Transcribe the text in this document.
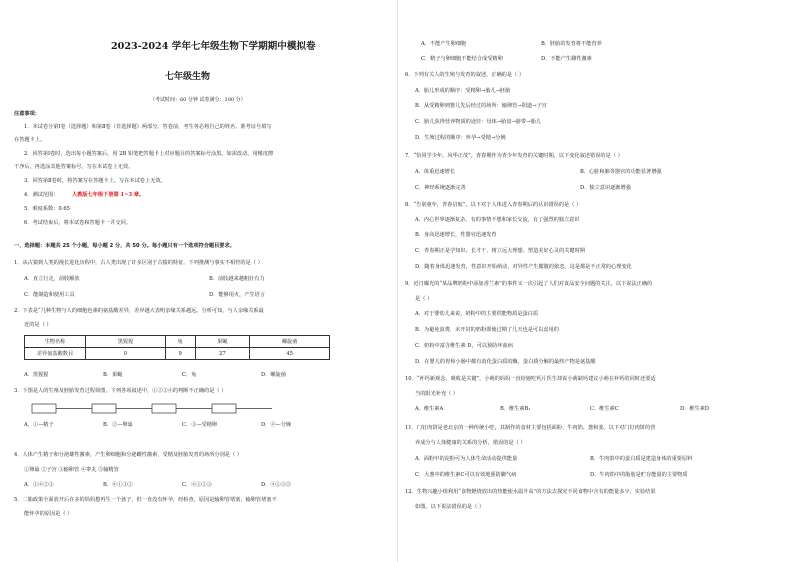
2023-2024 学年七年级生物下学期期中模拟卷
七年级生物
（考试时间：60 分钟 试卷满分：100 分）
注意事项：
1．本试卷分第Ⅰ卷（选择题）和第Ⅱ卷（非选择题）两部分。答卷前，考生务必将自己的姓名、准考证号填写
在答题卡上。
2．回答第Ⅰ卷时，选出每小题答案后，用 2B 铅笔把答题卡上对应题目的答案标号涂黑。如需改动，用橡皮擦
干净后，再选涂其他答案标号。写在本试卷上无效。
3．回答第Ⅱ卷时，将答案写在答题卡上。写在本试卷上无效。
4．测试范围：	人教版七年级下册第 1~3 章。
5．难度系数：0.65
6．考试结束后，将本试卷和答题卡一并交回。
一、选择题：本题共 25 个小题，每小题 2 分，共 50 分。每小题只有一个选项符合题目要求。
1．从古猿到人类的漫长进化历程中，古人类出现了许多区别于古猿的特征。下列推测与事实不相符的是（ ）
A．直立行走，前肢解放	B．前肢越来越粗壮有力
C．能制造和使用工具	D．能够用火，产生语言
2．下表是“几种生物与人的细胞色素的氨基酸差异，差异越大表明亲缘关系越远。分析可知，与人亲缘关系最
近的是（ ）
生物名称	黑猩猩	兔	果蝇	螺旋菌
差异氨基酸数目	0	9	27	45
A．黑猩猩	B．果蝇	C．兔	D．螺旋菌
3．下图是人的生殖及胚胎发育过程简图，下列各项叙述中，①②③④的判断不正确的是（ ）
A．①—精子	B．②—卵巢	C．③—受精卵	D．④—分娩
4．人体产生精子和分泌雄性激素，产生卵细胞和分泌雌性激素，受精及胚胎发育的场所分别是（ ）
①卵巢 ②子宫 ③输卵管 ④睾丸 ⑤输精管
A．①④②③	B．④①③②	C．④①②③	D．④①③⑤
5．二胎政策全面放开后许多的妈妈想再生一个孩子，但一直没有怀孕，经检查，原因是输卵管堵塞，输卵管堵塞不
能怀孕的原因是（ ）
A．不能产生卵细胞	B．胚胎的发育将不能营养
C．精子与卵细胞不能结合成受精卵	D．不能产生雌性激素
6．下列有关人的生殖与发育的叙述，正确的是（ ）
A．胎儿形成的顺序：受精卵→胎儿→胚胎
B．从受精卵到婴儿先后经过的场所：输卵管→阴道→子宫
C．胎儿获得营养物质的途径：母体→胎盘→脐带→胎儿
D．生殖过程的顺序：怀孕→受精→分娩
7．“恰同学少年，风华正茂”。青春期作为青少年发育的关键时期，以下变化叙述错误的是（ ）
A．体重迅速增长	B．心脏和肺等器官的功能显著增强
C．神经系统逐渐完善	D．独立意识逐渐增强
8．“告别童年，青春启航”。以下对于人体进入青春期后的认识错误的是（ ）
A．内心世界逐渐复杂，有的事情不想和家长交流，有了强烈的独立意识
B．身高迅速增长，性器官迅速发育
C．青春期正是学知识、长才干、树立远大理想、塑造美好心灵的关键时期
D．随着身体迅速发育，性意识开始萌动，对异性产生朦胧的依恋，这是都是不正常的心理变化
9．近日曝光的“某品牌奶粉中添加香兰素”的事件又一次引起了人们对食品安全问题的关注，以下说法正确的
是（ ）
A．对于婴幼儿来说，奶粉中的主要供能物质是蛋白质
B．为避免浪费，未开封的奶粉即使过期了几天也是可以食用的
C．奶粉中富含维生素 D，可以预防坏血病
D．在婴儿的胃和小肠中都有消化蛋白质的酶，蛋白质分解的最终产物是氨基酸
10．“补钙新观念，吸收是关键”。小萌的妈妈一直给她吃钙片医生却说小萌缺钙建议小萌在补钙的同时还要适
当的阳光补充（ ）
A．维生素A	B．维生素B₁	C．维生素C	D．维生素D
11．门钉肉饼是老北京的一种传统小吃，其制作的食材主要包括面粉、牛肉馅、葱和姜。以下对门钉肉饼的营
养成分与人体健康的关系的分析，错误的是（ ）
A．面粉中的淀粉可为人体生命活动提供能量	B．牛肉馅中的蛋白质是建造身体的重要原料
C．大葱中的维生素C可以有效地预防脚气病	D．牛肉馅中的脂肪是贮存能量的主要物质
12．生物兴趣小组利用“食物燃烧放出的热能使水温升高”的方法去探究不同食物中含有的能量多少，实验结果
如图。以下说法错误的是（ ）
